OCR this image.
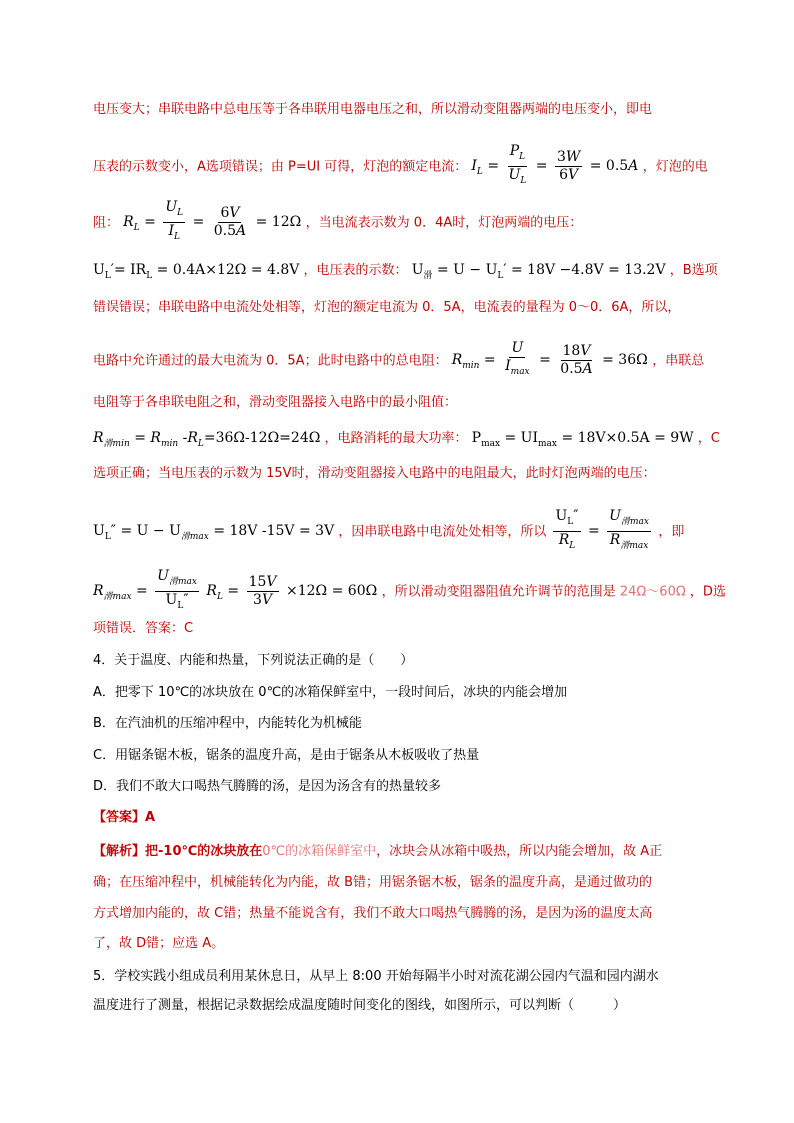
电压变大；串联电路中总电压等于各串联用电器电压之和，所以滑动变阻器两端的电压变小，即电
压表的示数变小，A选项错误；由 P=UI 可得，灯泡的额定电流： $I_L = \frac{P_L}{U_L} = \frac{3W}{6V} = 0.5A$ ，灯泡的电
阻： $R_L = \frac{U_L}{I_L} = \frac{6V}{0.5A} = 12\Omega$ ，当电流表示数为 0．4A时，灯泡两端的电压：
$U_L'= IR_L = 0.4A\times 12\Omega = 4.8V$ ，电压表的示数： $U_滑 = U - U_L' = 18V -4.8V = 13.2V$ ，B选项
错误错误；串联电路中电流处处相等，灯泡的额定电流为 0．5A，电流表的量程为 0～0．6A，所以，
电路中允许通过的最大电流为 0．5A；此时电路中的总电阻： $R_{min} = \frac{U}{I_{max}} = \frac{18V}{0.5A} = 36\Omega$ ，串联总
电阻等于各串联电阻之和，滑动变阻器接入电路中的最小阻值：
$R_{滑min} = R_{min}$ $-R_L=36\Omega-12\Omega=24\Omega$ ，电路消耗的最大功率： $P_{max} = UI_{max} = 18V\times 0.5A = 9W$ ，C
选项正确；当电压表的示数为 15V时，滑动变阻器接入电路中的电阻最大，此时灯泡两端的电压：
$U_L'' = U - U_{滑max} = 18V$ -15V = 3V ，因串联电路中电流处处相等，所以 $\frac{U_L''}{R_L} = \frac{U_{滑max}}{R_{滑max}}$ ，即
$R_{滑max} = \frac{U_{滑max}}{U_L''} R_L = \frac{15V}{3V} \times 12\Omega = 60\Omega$ ，所以滑动变阻器阻值允许调节的范围是 24Ω～60Ω ，D选
项错误．答案：C
4．关于温度、内能和热量，下列说法正确的是（　　）
A．把零下 10℃的冰块放在 0℃的冰箱保鲜室中，一段时间后，冰块的内能会增加
B．在汽油机的压缩冲程中，内能转化为机械能
C．用锯条锯木板，锯条的温度升高，是由于锯条从木板吸收了热量
D．我们不敢大口喝热气腾腾的汤，是因为汤含有的热量较多
【答案】A
【解析】把-10℃的冰块放在0℃的冰箱保鲜室中，冰块会从冰箱中吸热，所以内能会增加，故 A正
确；在压缩冲程中，机械能转化为内能，故 B错；用锯条锯木板，锯条的温度升高，是通过做功的
方式增加内能的，故 C错；热量不能说含有，我们不敢大口喝热气腾腾的汤，是因为汤的温度太高
了，故 D错；应选 A。
5．学校实践小组成员利用某休息日，从早上 8:00 开始每隔半小时对流花湖公园内气温和园内湖水
温度进行了测量，根据记录数据绘成温度随时间变化的图线，如图所示，可以判断（　　　）
